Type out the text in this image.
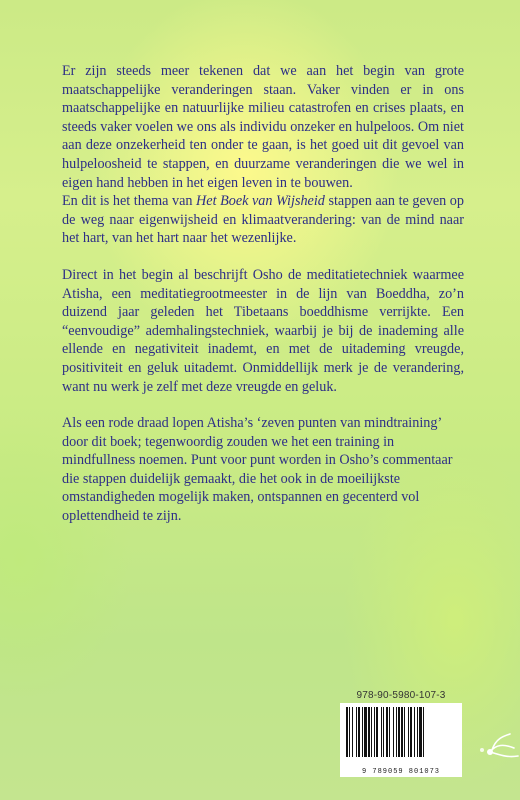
Er zijn steeds meer tekenen dat we aan het begin van grote maatschappelijke veranderingen staan. Vaker vinden er in ons maatschappelijke en natuurlijke milieu catastrofen en crises plaats, en steeds vaker voelen we ons als individu onzeker en hulpeloos. Om niet aan deze onzekerheid ten onder te gaan, is het goed uit dit gevoel van hulpeloosheid te stappen, en duurzame veranderingen die we wel in eigen hand hebben in het eigen leven in te bouwen.

En dit is het thema van Het Boek van Wijsheid stappen aan te geven op de weg naar eigenwijsheid en klimaatverandering: van de mind naar het hart, van het hart naar het wezenlijke.

Direct in het begin al beschrijft Osho de meditatietechniek waarmee Atisha, een meditatiegrootmeester in de lijn van Boeddha, zo’n duizend jaar geleden het Tibetaans boeddhisme verrijkte. Een “eenvoudige” ademhalingstechniek, waarbij je bij de inademing alle ellende en negativiteit inademt, en met de uitademing vreugde, positiviteit en geluk uitademt. Onmiddellijk merk je de verandering, want nu werk je zelf met deze vreugde en geluk.

Als een rode draad lopen Atisha’s ‘zeven punten van mindtraining’ door dit boek; tegenwoordig zouden we het een training in mindfullness noemen. Punt voor punt worden in Osho’s commentaar die stappen duidelijk gemaakt, die het ook in de moeilijkste omstandigheden mogelijk maken, ontspannen en gecenterd vol oplettendheid te zijn.

978-90-5980-107-3
9 789059 801073
